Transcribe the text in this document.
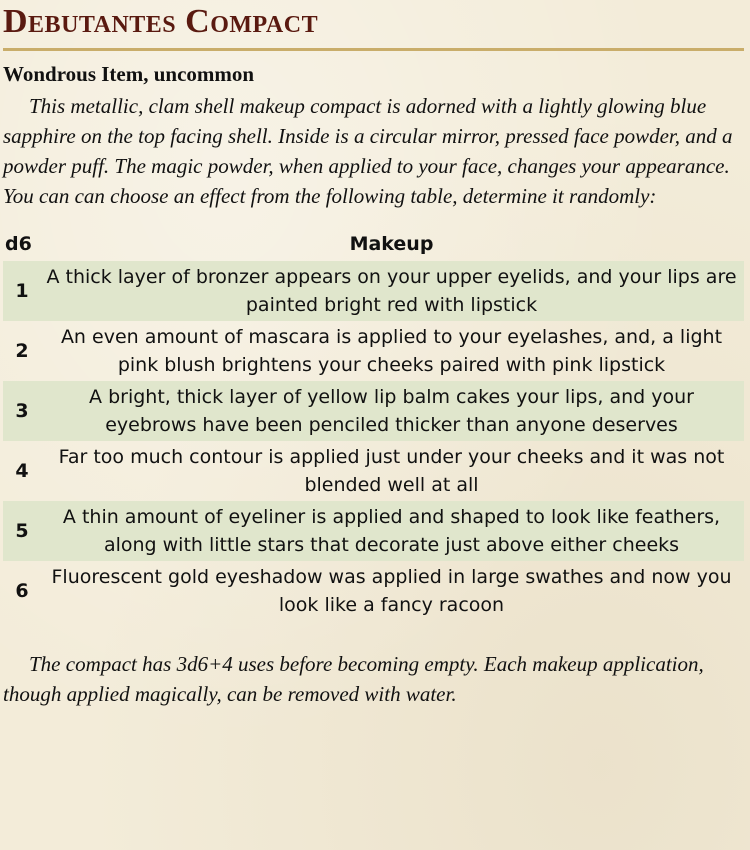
Debutantes Compact
Wondrous Item, uncommon

This metallic, clam shell makeup compact is adorned with a lightly glowing blue sapphire on the top facing shell. Inside is a circular mirror, pressed face powder, and a powder puff. The magic powder, when applied to your face, changes your appearance. You can can choose an effect from the following table, determine it randomly:

d6	Makeup
1	A thick layer of bronzer appears on your upper eyelids, and your lips are painted bright red with lipstick
2	An even amount of mascara is applied to your eyelashes, and, a light pink blush brightens your cheeks paired with pink lipstick
3	A bright, thick layer of yellow lip balm cakes your lips, and your eyebrows have been penciled thicker than anyone deserves
4	Far too much contour is applied just under your cheeks and it was not blended well at all
5	A thin amount of eyeliner is applied and shaped to look like feathers, along with little stars that decorate just above either cheeks
6	Fluorescent gold eyeshadow was applied in large swathes and now you look like a fancy racoon

The compact has 3d6+4 uses before becoming empty. Each makeup application, though applied magically, can be removed with water.
